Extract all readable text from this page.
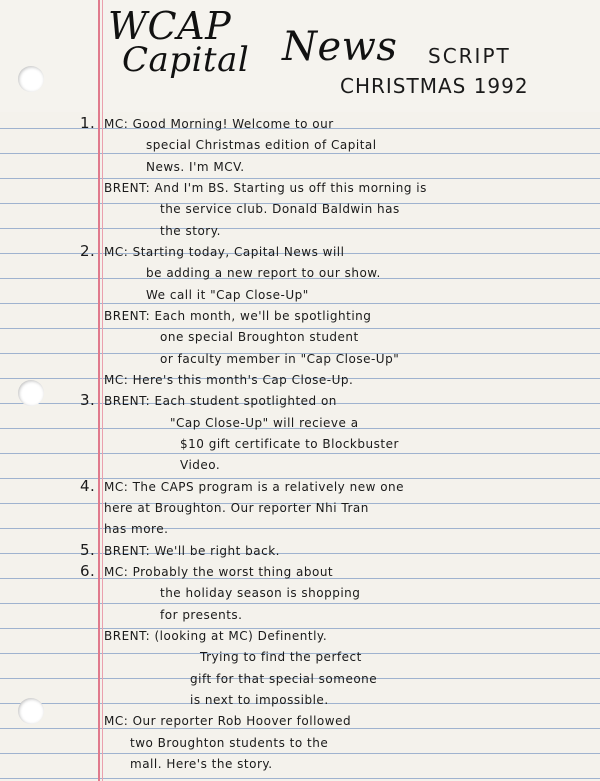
WCAP
Capital News SCRIPT
CHRISTMAS 1992
1. MC: Good Morning! Welcome to our
special Christmas edition of Capital
News. I'm MCV.
BRENT: And I'm BS. Starting us off this morning is
the service club. Donald Baldwin has
the story.
2. MC: Starting today, Capital News will
be adding a new report to our show.
We call it "Cap Close-Up"
BRENT: Each month, we'll be spotlighting
one special Broughton student
or faculty member in "Cap Close-Up"
MC: Here's this month's Cap Close-Up.
3. BRENT: Each student spotlighted on
"Cap Close-Up" will recieve a
$10 gift certificate to Blockbuster
Video.
4. MC: The CAPS program is a relatively new one
here at Broughton. Our reporter Nhi Tran
has more.
5. BRENT: We'll be right back.
6. MC: Probably the worst thing about
the holiday season is shopping
for presents.
BRENT: (looking at MC) Definently.
Trying to find the perfect
gift for that special someone
is next to impossible.
MC: Our reporter Rob Hoover followed
two Broughton students to the
mall. Here's the story.
